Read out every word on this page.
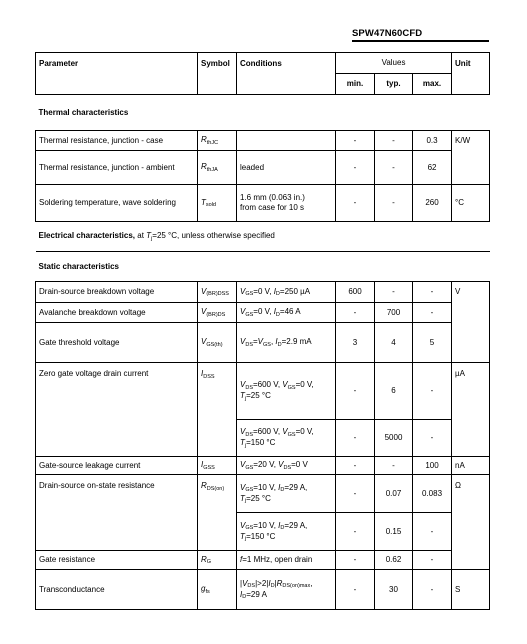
SPW47N60CFD
Parameter	Symbol	Conditions	Values			Unit
			min.	typ.	max.	
Thermal characteristics						
Thermal resistance, junction - case	RthJC		-	-	0.3	K/W
Thermal resistance, junction - ambient	RthJA	leaded	-	-	62	
Soldering temperature, wave soldering	Tsold	1.6 mm (0.063 in.)
from case for 10 s	-	-	260	°C
Electrical characteristics, at Tj=25 °C, unless otherwise specified						
Static characteristics						
Drain-source breakdown voltage	V(BR)DSS	VGS=0 V, ID=250 µA	600	-	-	V
Avalanche breakdown voltage	V(BR)DS	VGS=0 V, ID=46 A	-	700	-	
Gate threshold voltage	VGS(th)	VDS=VGS, ID=2.9 mA	3	4	5	
Zero gate voltage drain current	IDSS	VDS=600 V, VGS=0 V,
Tj=25 °C	-	6	-	µA
		VDS=600 V, VGS=0 V,
Tj=150 °C	-	5000	-	
Gate-source leakage current	IGSS	VGS=20 V, VDS=0 V	-	-	100	nA
Drain-source on-state resistance	RDS(on)	VGS=10 V, ID=29 A,
Tj=25 °C	-	0.07	0.083	Ω
		VGS=10 V, ID=29 A,
Tj=150 °C	-	0.15	-	
Gate resistance	RG	f=1 MHz, open drain	-	0.62	-	
Transconductance	gfs	|VDS|>2|ID|RDS(on)max,
ID=29 A	-	30	-	S
